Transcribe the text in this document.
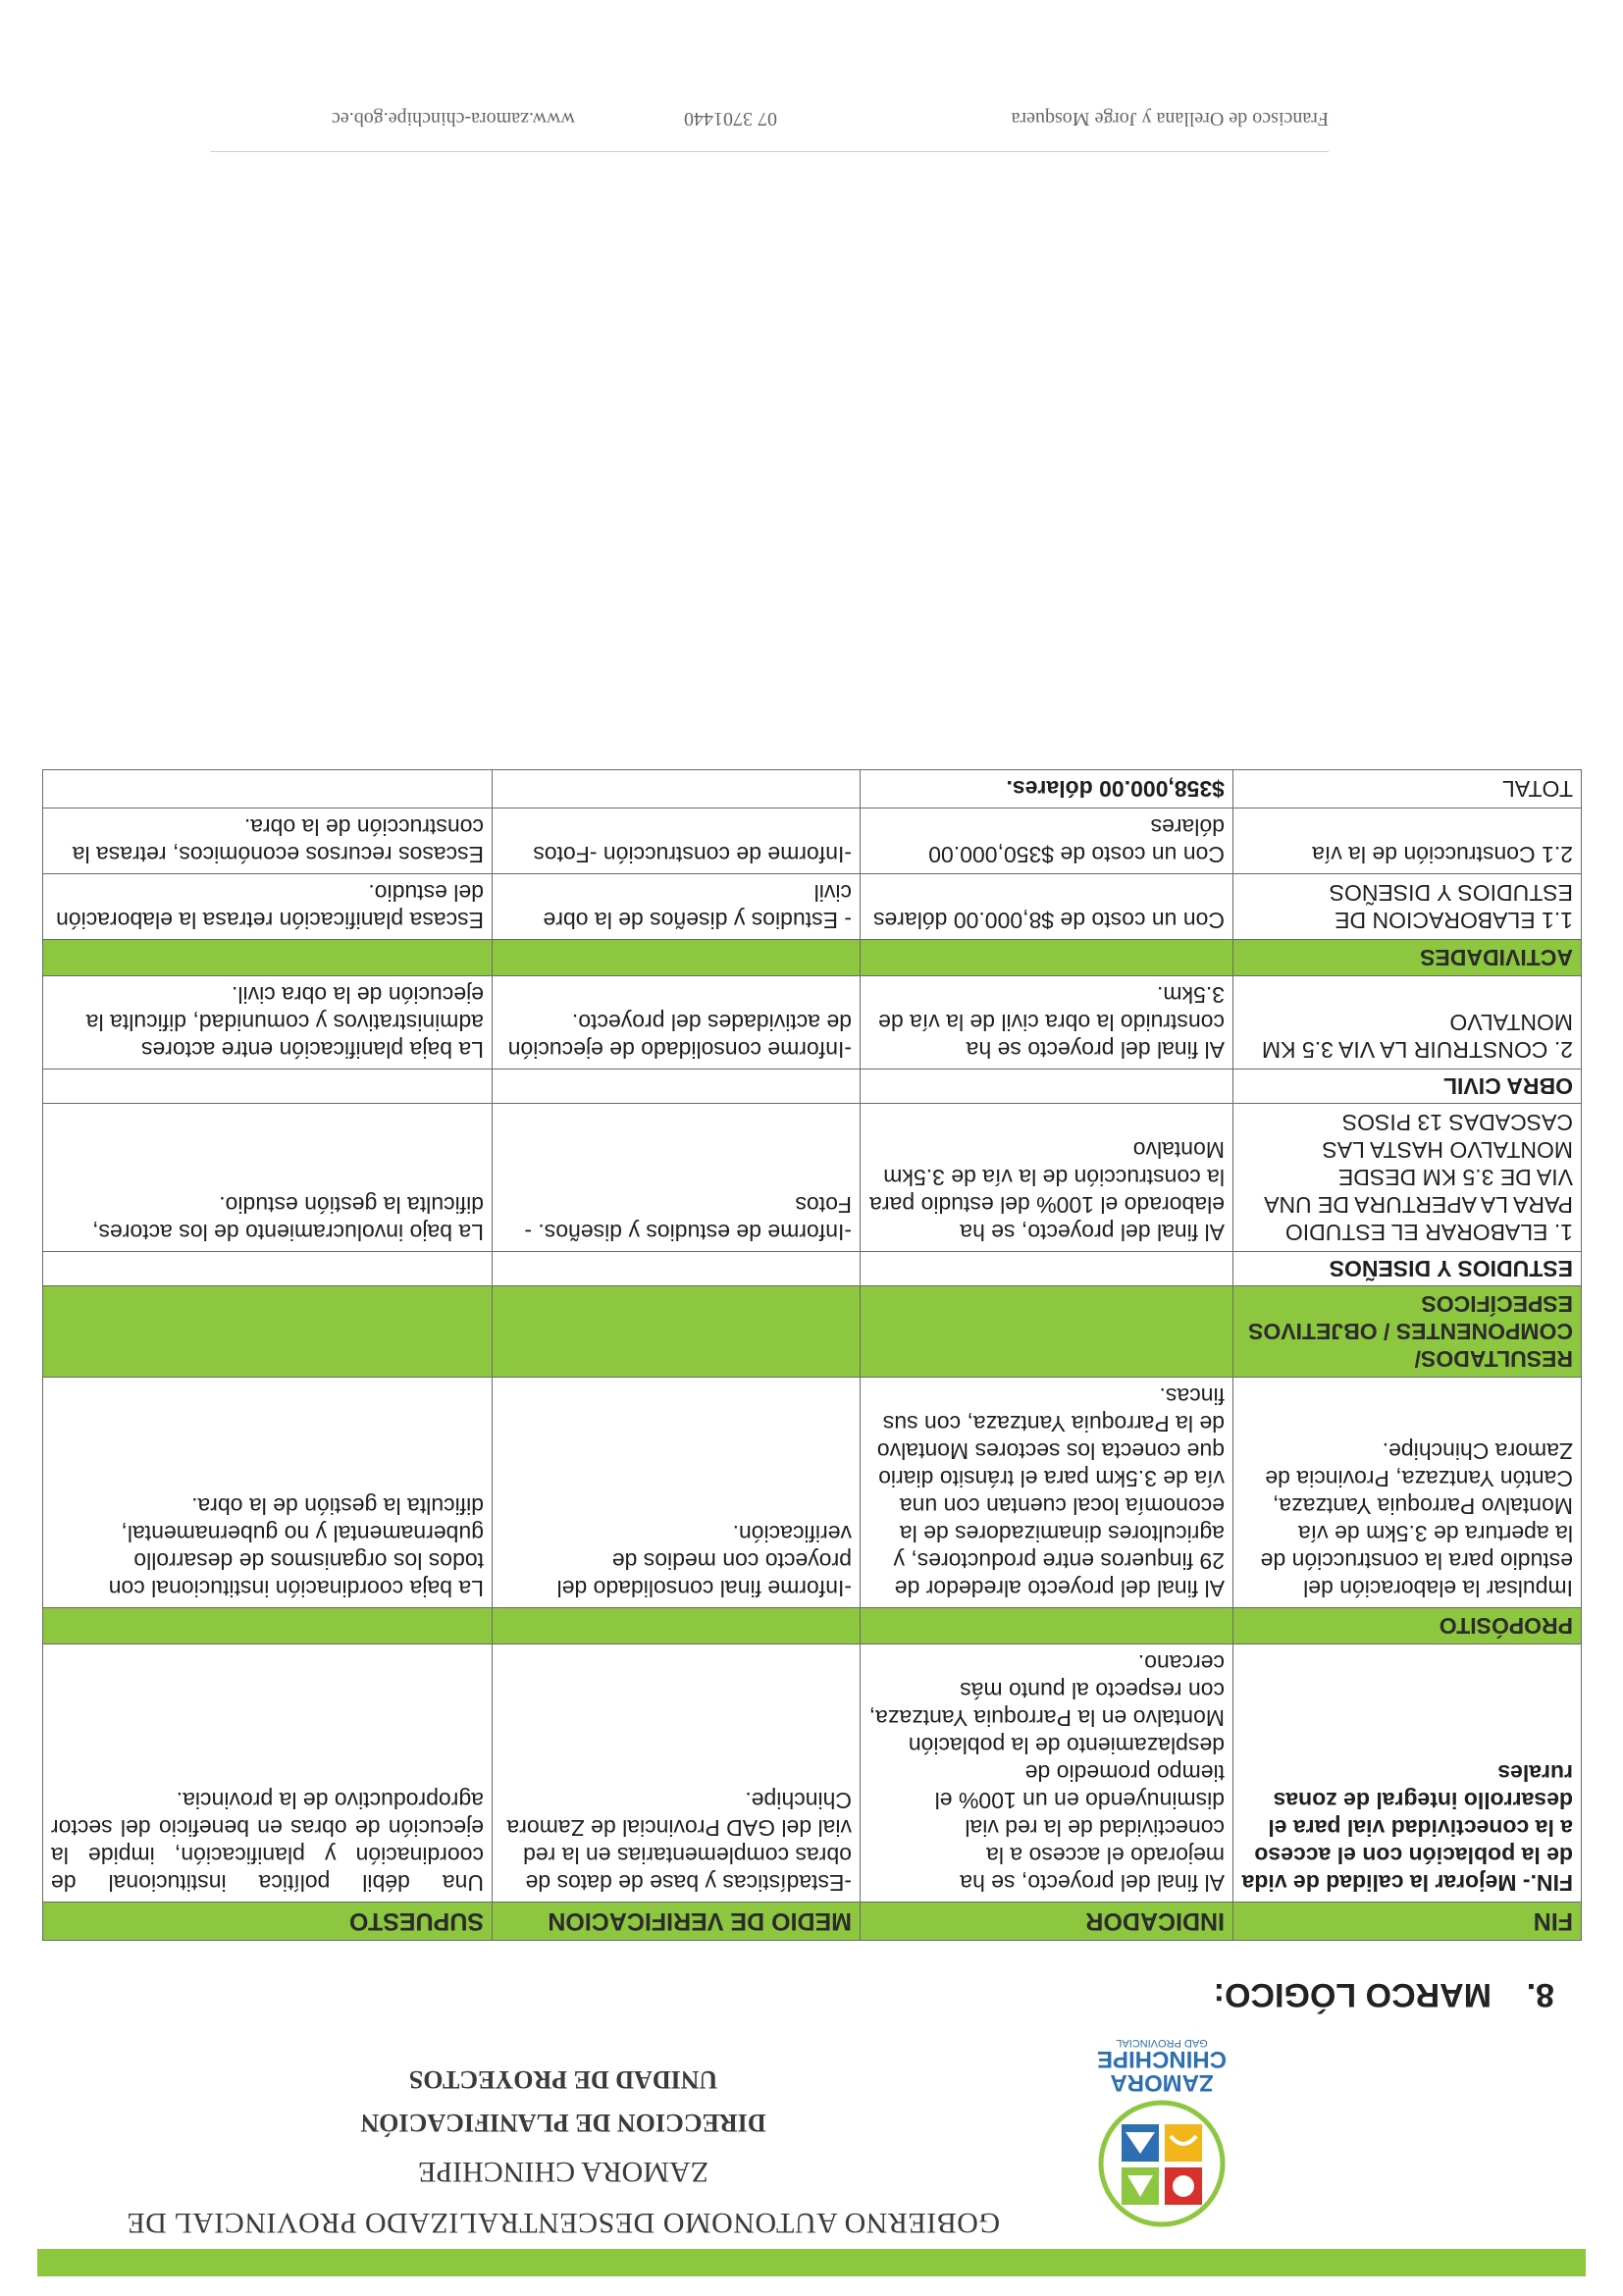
ZAMORA
CHINCHIPE
GAD PROVINCIAL
GOBIERNO AUTONOMO DESCENTRALIZADO PROVINCIAL DE
ZAMORA CHINCHIPE
DIRECCION DE PLANIFICACIÓN
UNIDAD DE PROYECTOS
8.MARCO LÓGICO:
FIN	INDICADOR	MEDIO DE VERIFICACION	SUPUESTO
FIN.- Mejorar la calidad de vida de la población con el acceso a la conectividad vial para el desarrollo integral de zonas rurales	Al final del proyecto, se ha mejorado el acceso a la conectividad de la red vial disminuyendo en un 100% el tiempo promedio de desplazamiento de la población Montalvo en la Parroquia Yantzaza, con respecto al punto más cercano.	-Estadísticas y base de datos de obras complementarias en la red vial del GAD Provincial de Zamora Chinchipe.	Una débil política institucional de coordinación y planificación, impide la ejecución de obras en beneficio del sector agroproductivo de la provincia.
PROPÓSITO			
Impulsar la elaboración del estudio para la construcción de la apertura de 3.5km de vía Montalvo Parroquia Yantzaza, Cantón Yantzaza, Provincia de Zamora Chinchipe.	Al final del proyecto alrededor de 29 finqueros entre productores, y agricultores dinamizadores de la economía local cuentan con una vía de 3.5km para el tránsito diario que conecta los sectores Montalvo de la Parroquia Yantzaza, con sus fincas.	-Informe final consolidado del proyecto con medios de verificación.	La baja coordinación institucional con todos los organismos de desarrollo gubernamental y no gubernamental, dificulta la gestión de la obra.
RESULTADOS/ COMPONENTES / OBJETIVOS ESPECÍFICOS			
ESTUDIOS Y DISEÑOS			
1. ELABORAR EL ESTUDIO PARA LA APERTURA DE UNA VIA DE 3.5 KM DESDE MONTALVO HASTA LAS CASCADAS 13 PISOS	Al final del proyecto, se ha elaborado el 100% del estudio para la construcción de la vía de 3.5km Montalvo	-Informe de estudios y diseños. -Fotos	La bajo involucramiento de los actores, dificulta la gestión estudio.
OBRA CIVIL			
2. CONSTRUIR LA VIA 3.5 KM MONTALVO	Al final del proyecto se ha construido la obra civil de la vía de 3.5km.	-Informe consolidado de ejecución de actividades del proyecto.	La baja planificación entre actores administrativos y comunidad, dificulta la ejecución de la obra civil.
ACTIVIDADES			
1.1 ELABORACION DE ESTUDIOS Y DISEÑOS	Con un costo de $8,000.00 dólares	- Estudios y diseños de la obre civil	Escasa planificación retrasa la elaboración del estudio.
2.1 Construcción de la vía	Con un costo de $350,000.00 dólares	-Informe de construcción -Fotos	Escasos recursos económicos, retrasa la construcción de la obra.
TOTAL	$358,000.00 dólares.		
Francisco de Orellana y Jorge Mosquera
07 3701440
www.zamora-chinchipe.gob.ec
